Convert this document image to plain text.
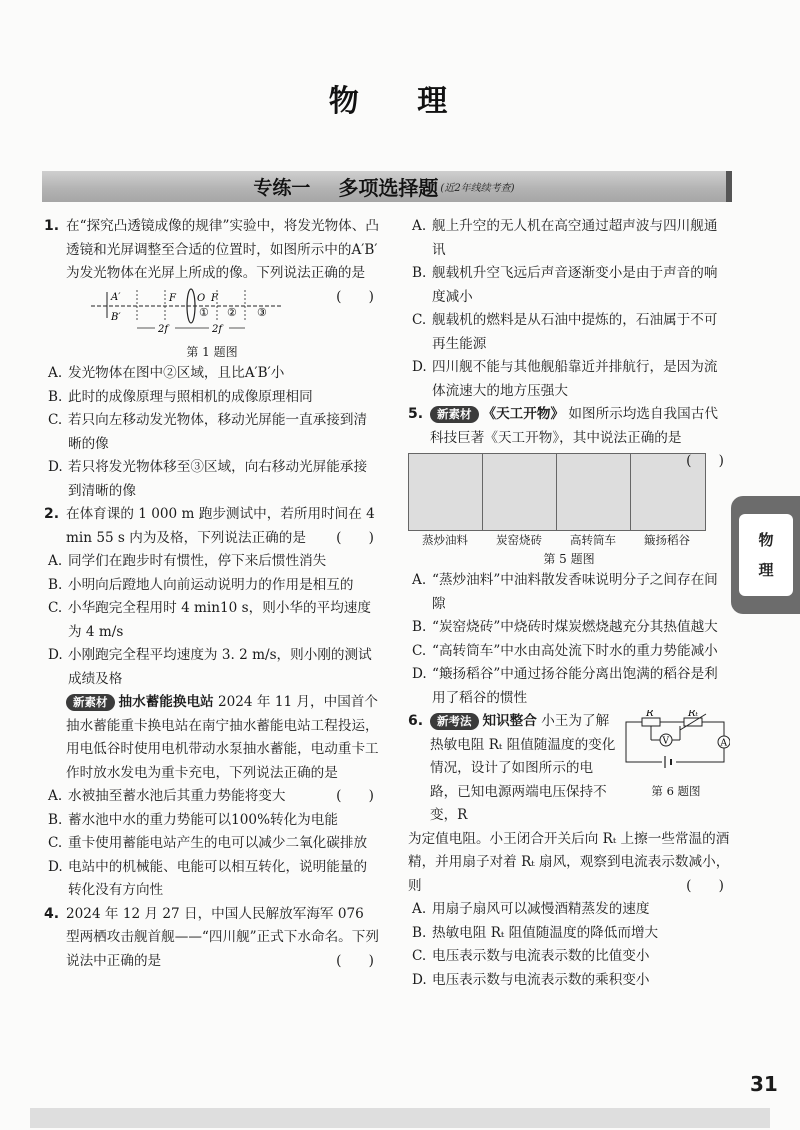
物 理
专练一 多项选择题 (近2年线续考查)
1. 在“探究凸透镜成像的规律”实验中，将发光物体、凸透镜和光屏调整至合适的位置时，如图所示中的A′B′为发光物体在光屏上所成的像。下列说法正确的是
(　　)
A′
B′
F O F
① ② ③
2f	2f
第 1 题图
A. 发光物体在图中②区域，且比A′B′小
B. 此时的成像原理与照相机的成像原理相同
C. 若只向左移动发光物体，移动光屏能一直承接到清晰的像
D. 若只将发光物体移至③区域，向右移动光屏能承接到清晰的像
2. 在体育课的 1 000 m 跑步测试中，若所用时间在 4 min 55 s 内为及格，下列说法正确的是	(　　)
A. 同学们在跑步时有惯性，停下来后惯性消失
B. 小明向后蹬地人向前运动说明力的作用是相互的
C. 小华跑完全程用时 4 min10 s，则小华的平均速度为 4 m/s
D. 小刚跑完全程平均速度为 3. 2 m/s，则小刚的测试成绩及格
新素材 抽水蓄能换电站 2024 年 11 月，中国首个抽水蓄能重卡换电站在南宁抽水蓄能电站工程投运，用电低谷时使用电机带动水泵抽水蓄能，电动重卡工作时放水发电为重卡充电，下列说法正确的是
(　　)
A. 水被抽至蓄水池后其重力势能将变大
B. 蓄水池中水的重力势能可以100%转化为电能
C. 重卡使用蓄能电站产生的电可以减少二氧化碳排放
D. 电站中的机械能、电能可以相互转化，说明能量的转化没有方向性
4. 2024 年 12 月 27 日，中国人民解放军海军 076 型两栖攻击舰首舰——“四川舰”正式下水命名。下列说法中正确的是	(　　)
A. 舰上升空的无人机在高空通过超声波与四川舰通讯
B. 舰载机升空飞远后声音逐渐变小是由于声音的响度减小
C. 舰载机的燃料是从石油中提炼的，石油属于不可再生能源
D. 四川舰不能与其他舰船靠近并排航行，是因为流体流速大的地方压强大
5. 新素材 《天工开物》 如图所示均选自我国古代科技巨著《天工开物》，其中说法正确的是
(　　)
蒸炒油料	炭窑烧砖	高转筒车	簸扬稻谷
第 5 题图
A. “蒸炒油料”中油料散发香味说明分子之间存在间隙
B. “炭窑烧砖”中烧砖时煤炭燃烧越充分其热值越大
C. “高转筒车”中水由高处流下时水的重力势能减小
D. “簸扬稻谷”中通过扬谷能分离出饱满的稻谷是利用了稻谷的惯性
R	Rₜ
V	A
第 6 题图
6. 新考法 知识整合 小王为了解热敏电阻 Rₜ 阻值随温度的变化情况，设计了如图所示的电路，已知电源两端电压保持不变，R
为定值电阻。小王闭合开关后向 Rₜ 上擦一些常温的酒精，并用扇子对着 Rₜ 扇风，观察到电流表示数减小，则	(　　)
A. 用扇子扇风可以减慢酒精蒸发的速度
B. 热敏电阻 Rₜ 阻值随温度的降低而增大
C. 电压表示数与电流表示数的比值变小
D. 电压表示数与电流表示数的乘积变小
物
理
31
